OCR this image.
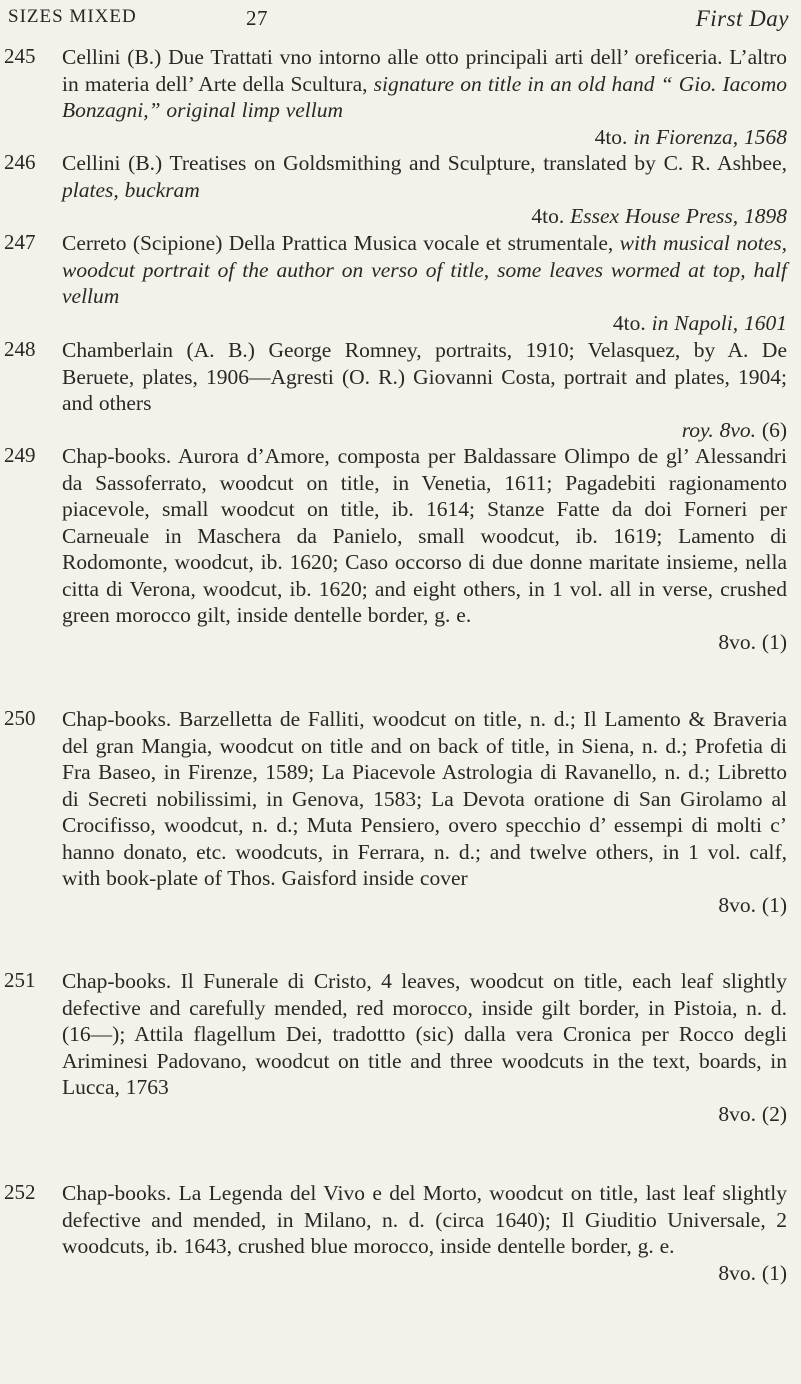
SIZES MIXED	27	First Day
245	Cellini (B.) Due Trattati vno intorno alle otto principali arti dell’ oreficeria. L’altro in materia dell’ Arte della Scultura, signature on title in an old hand “ Gio. Iacomo Bonzagni,” original limp vellum
4to. in Fiorenza, 1568
246	Cellini (B.) Treatises on Goldsmithing and Sculpture, translated by C. R. Ashbee, plates, buckram
4to. Essex House Press, 1898
247	Cerreto (Scipione) Della Prattica Musica vocale et strumentale, with musical notes, woodcut portrait of the author on verso of title, some leaves wormed at top, half vellum
4to. in Napoli, 1601
248	Chamberlain (A. B.) George Romney, portraits, 1910; Velasquez, by A. De Beruete, plates, 1906—Agresti (O. R.) Giovanni Costa, portrait and plates, 1904; and others
roy. 8vo. (6)
249	Chap-books. Aurora d’Amore, composta per Baldassare Olimpo de gl’ Alessandri da Sassoferrato, woodcut on title, in Venetia, 1611; Pagadebiti ragionamento piacevole, small woodcut on title, ib. 1614; Stanze Fatte da doi Forneri per Carneuale in Maschera da Panielo, small woodcut, ib. 1619; Lamento di Rodomonte, woodcut, ib. 1620; Caso occorso di due donne maritate insieme, nella citta di Verona, woodcut, ib. 1620; and eight others, in 1 vol. all in verse, crushed green morocco gilt, inside dentelle border, g. e.
8vo. (1)
250	Chap-books. Barzelletta de Falliti, woodcut on title, n. d.; Il Lamento & Braveria del gran Mangia, woodcut on title and on back of title, in Siena, n. d.; Profetia di Fra Baseo, in Firenze, 1589; La Piacevole Astrologia di Ravanello, n. d.; Libretto di Secreti nobilissimi, in Genova, 1583; La Devota oratione di San Girolamo al Crocifisso, woodcut, n. d.; Muta Pensiero, overo specchio d’ essempi di molti c’ hanno donato, etc. woodcuts, in Ferrara, n. d.; and twelve others, in 1 vol. calf, with book-plate of Thos. Gaisford inside cover
8vo. (1)
251	Chap-books. Il Funerale di Cristo, 4 leaves, woodcut on title, each leaf slightly defective and carefully mended, red morocco, inside gilt border, in Pistoia, n. d. (16—); Attila flagellum Dei, tradottto (sic) dalla vera Cronica per Rocco degli Ariminesi Padovano, woodcut on title and three woodcuts in the text, boards, in Lucca, 1763
8vo. (2)
252	Chap-books. La Legenda del Vivo e del Morto, woodcut on title, last leaf slightly defective and mended, in Milano, n. d. (circa 1640); Il Giuditio Universale, 2 woodcuts, ib. 1643, crushed blue morocco, inside dentelle border, g. e.
8vo. (1)
